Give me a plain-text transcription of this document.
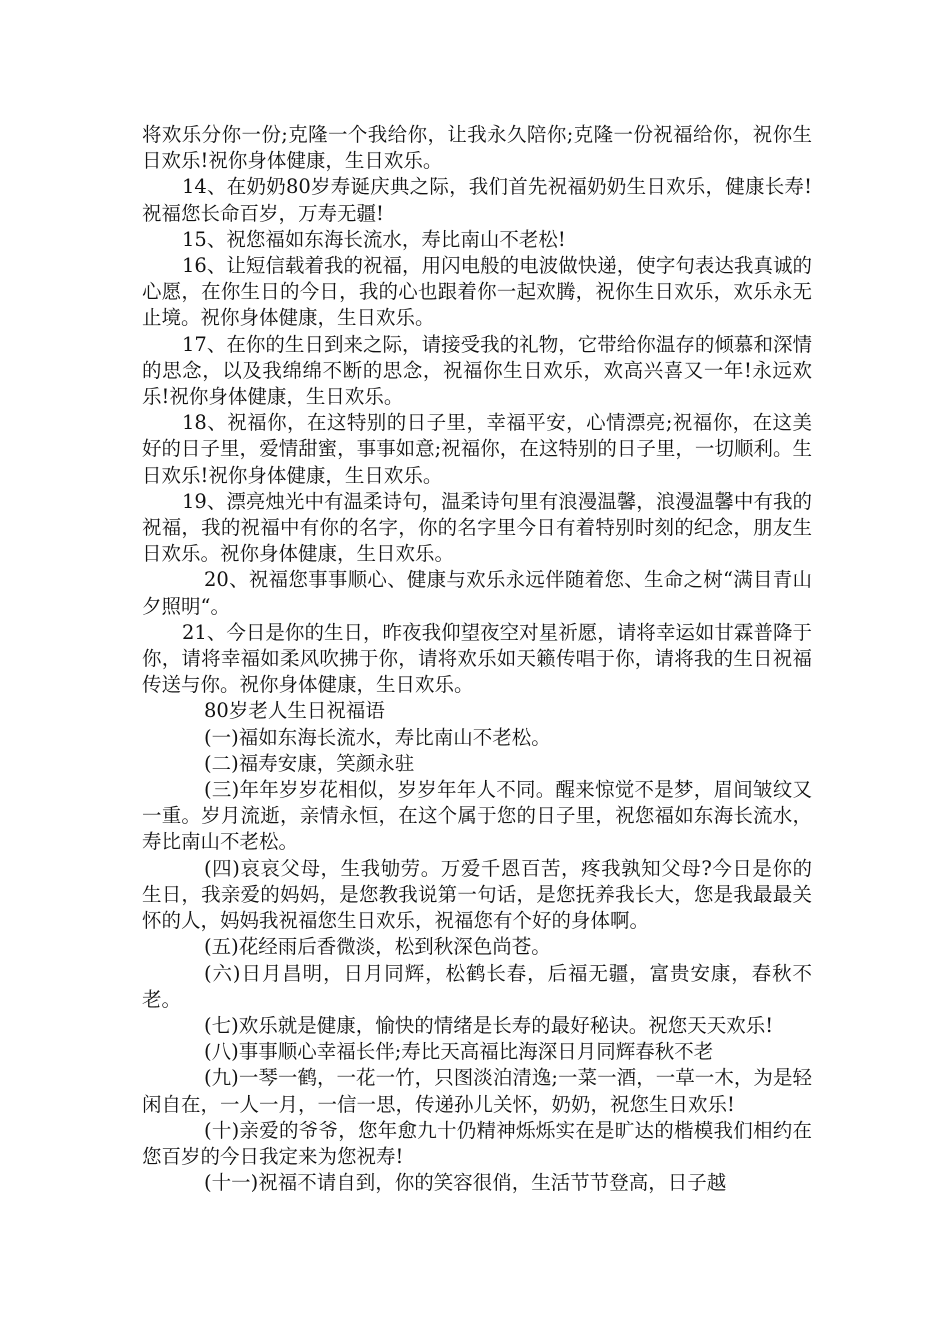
将欢乐分你一份;克隆一个我给你，让我永久陪你;克隆一份祝福给你，祝你生日欢乐!祝你身体健康，生日欢乐。

14、在奶奶80岁寿诞庆典之际，我们首先祝福奶奶生日欢乐，健康长寿!祝福您长命百岁，万寿无疆!

15、祝您福如东海长流水，寿比南山不老松!

16、让短信载着我的祝福，用闪电般的电波做快递，使字句表达我真诚的心愿，在你生日的今日，我的心也跟着你一起欢腾，祝你生日欢乐，欢乐永无止境。祝你身体健康，生日欢乐。

17、在你的生日到来之际，请接受我的礼物，它带给你温存的倾慕和深情的思念，以及我绵绵不断的思念，祝福你生日欢乐，欢高兴喜又一年!永远欢乐!祝你身体健康，生日欢乐。

18、祝福你，在这特别的日子里，幸福平安，心情漂亮;祝福你，在这美好的日子里，爱情甜蜜，事事如意;祝福你，在这特别的日子里，一切顺利。生日欢乐!祝你身体健康，生日欢乐。

19、漂亮烛光中有温柔诗句，温柔诗句里有浪漫温馨，浪漫温馨中有我的祝福，我的祝福中有你的名字，你的名字里今日有着特别时刻的纪念，朋友生日欢乐。祝你身体健康，生日欢乐。

20、祝福您事事顺心、健康与欢乐永远伴随着您、生命之树“满目青山夕照明“。

21、今日是你的生日，昨夜我仰望夜空对星祈愿，请将幸运如甘霖普降于你，请将幸福如柔风吹拂于你，请将欢乐如天籁传唱于你，请将我的生日祝福传送与你。祝你身体健康，生日欢乐。

80岁老人生日祝福语

(一)福如东海长流水，寿比南山不老松。

(二)福寿安康，笑颜永驻

(三)年年岁岁花相似，岁岁年年人不同。醒来惊觉不是梦，眉间皱纹又一重。岁月流逝，亲情永恒，在这个属于您的日子里，祝您福如东海长流水，寿比南山不老松。

(四)哀哀父母，生我劬劳。万爱千恩百苦，疼我孰知父母?今日是你的生日，我亲爱的妈妈，是您教我说第一句话，是您抚养我长大，您是我最最关怀的人，妈妈我祝福您生日欢乐，祝福您有个好的身体啊。

(五)花经雨后香微淡，松到秋深色尚苍。

(六)日月昌明，日月同辉，松鹤长春，后福无疆，富贵安康，春秋不老。

(七)欢乐就是健康，愉快的情绪是长寿的最好秘诀。祝您天天欢乐!

(八)事事顺心幸福长伴;寿比天高福比海深日月同辉春秋不老

(九)一琴一鹤，一花一竹，只图淡泊清逸;一菜一酒，一草一木，为是轻闲自在，一人一月，一信一思，传递孙儿关怀，奶奶，祝您生日欢乐!

(十)亲爱的爷爷，您年愈九十仍精神烁烁实在是旷达的楷模我们相约在您百岁的今日我定来为您祝寿!

(十一)祝福不请自到，你的笑容很俏，生活节节登高，日子越
